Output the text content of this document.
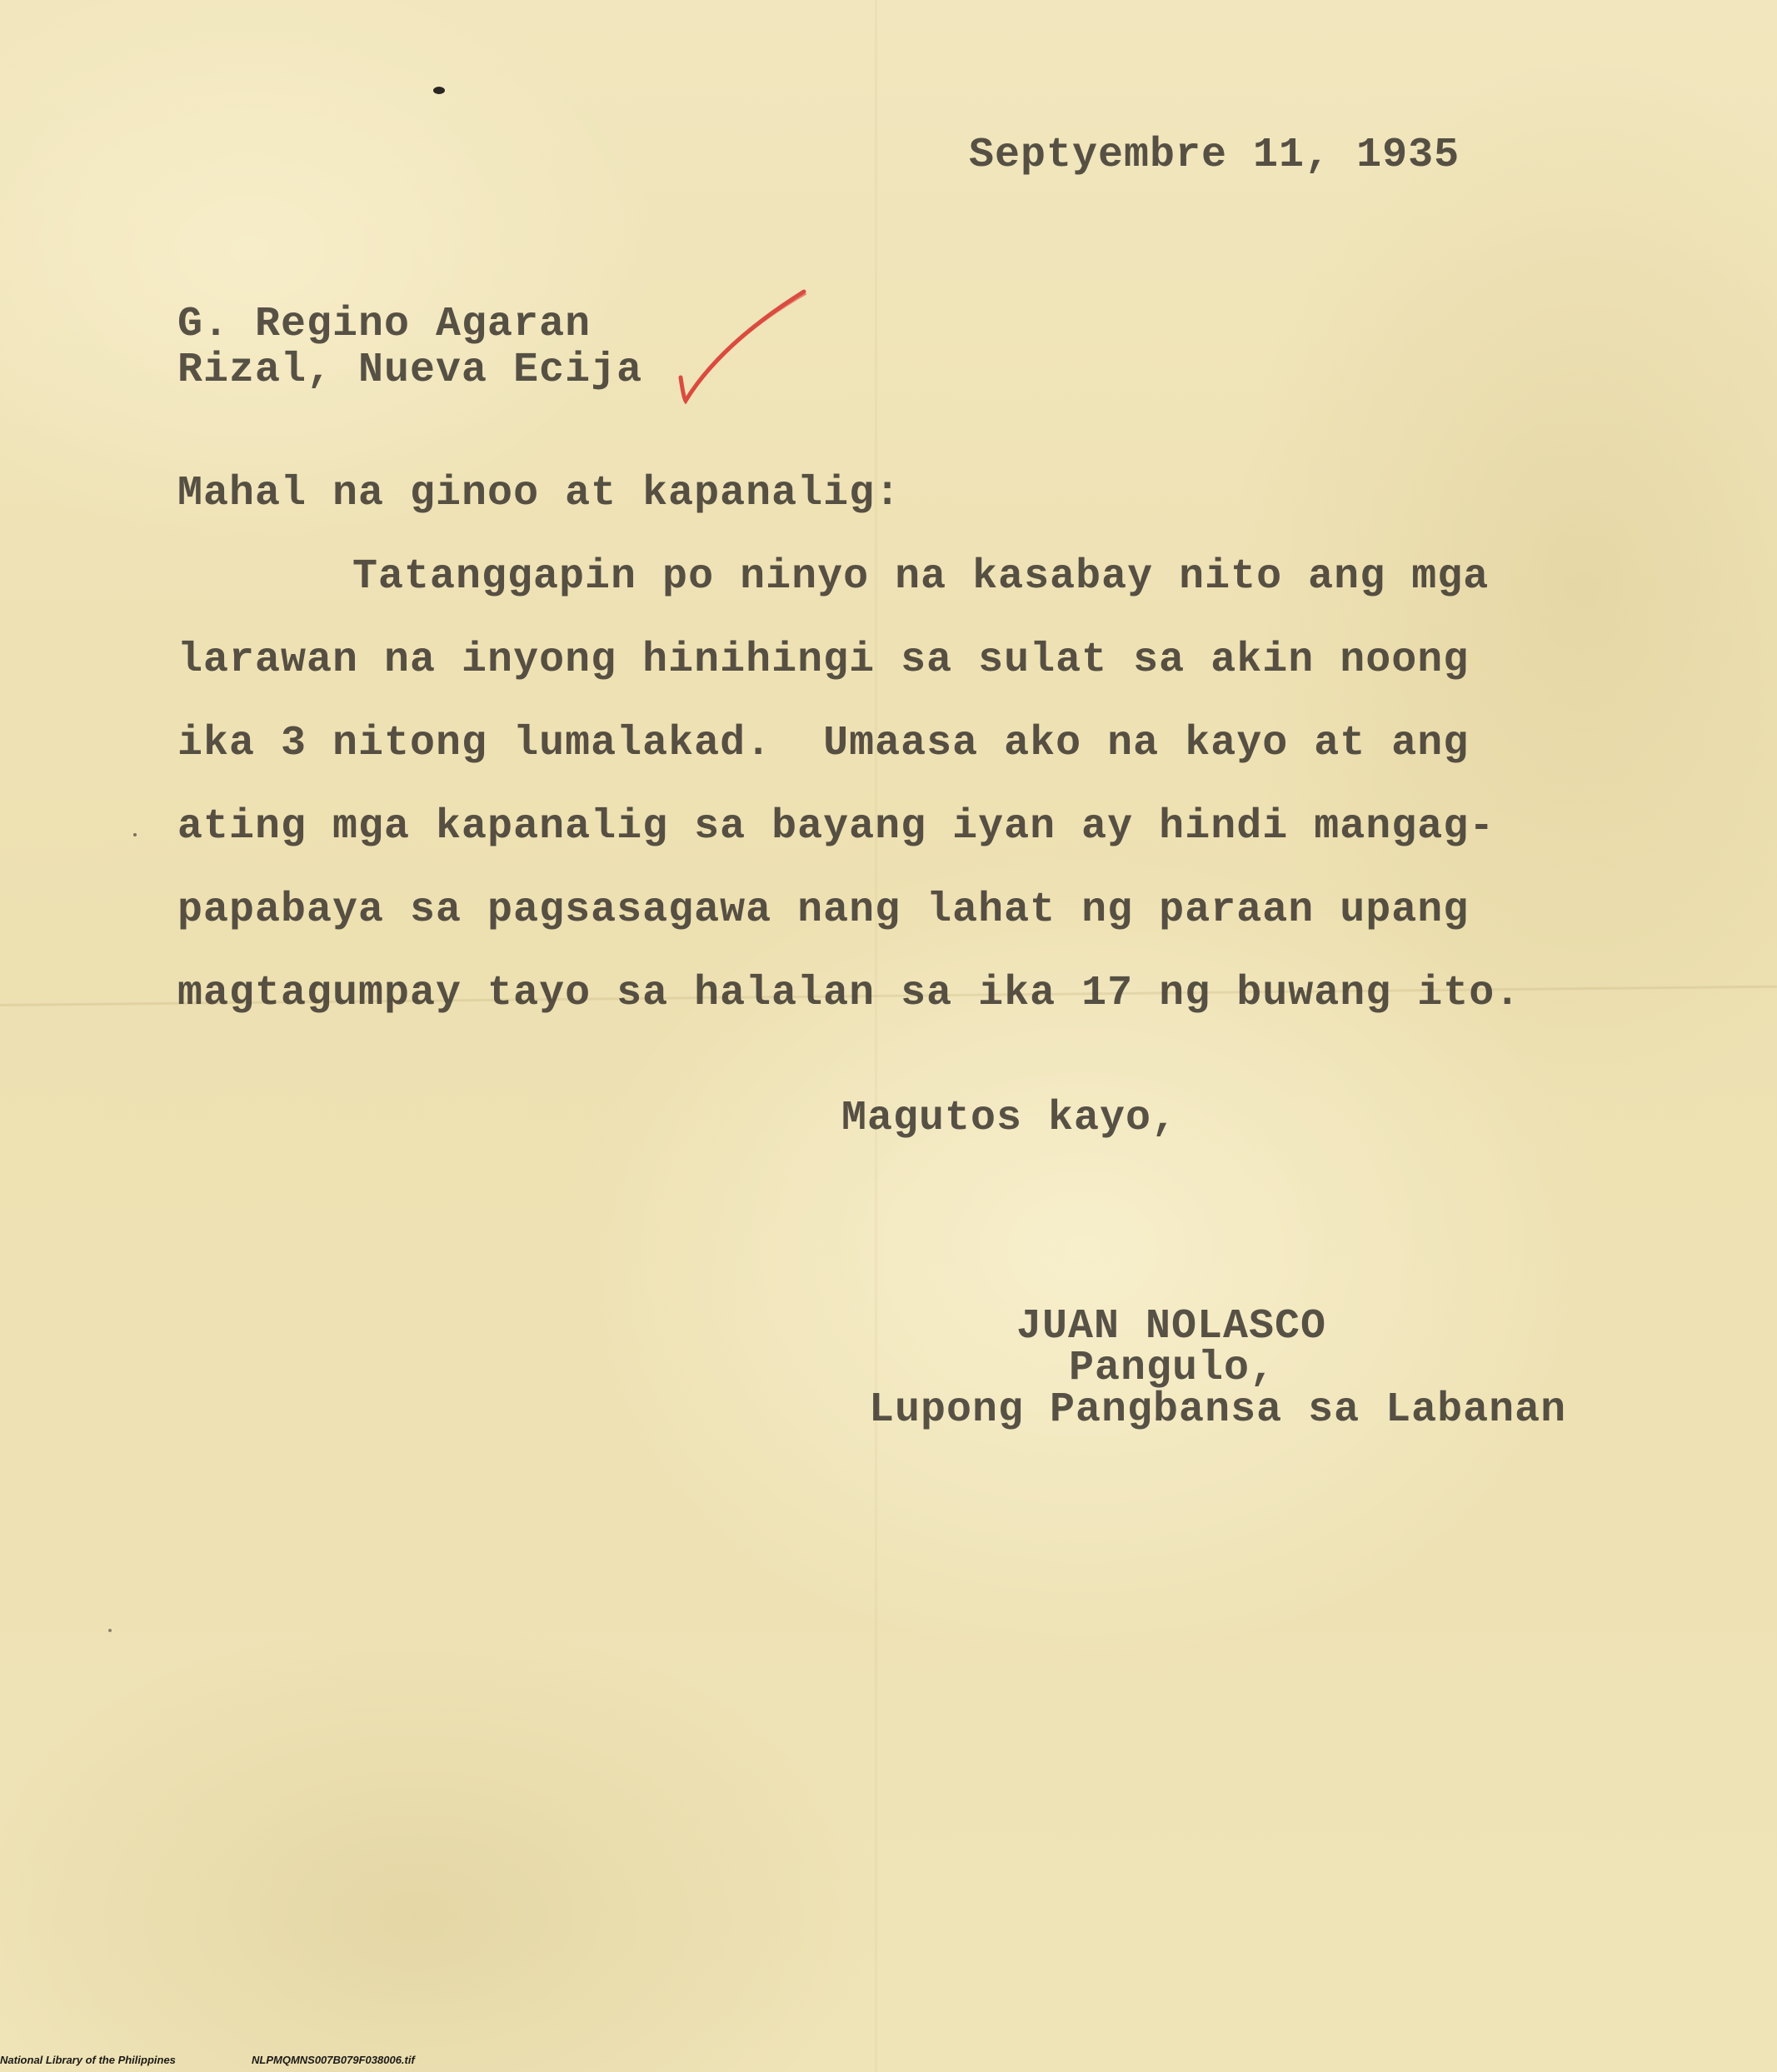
Septyembre 11, 1935
G. Regino Agaran
Rizal, Nueva Ecija
Mahal na ginoo at kapanalig:
Tatanggapin po ninyo na kasabay nito ang mga
larawan na inyong hinihingi sa sulat sa akin noong
ika 3 nitong lumalakad.  Umaasa ako na kayo at ang
ating mga kapanalig sa bayang iyan ay hindi mangag-
papabaya sa pagsasagawa nang lahat ng paraan upang
magtagumpay tayo sa halalan sa ika 17 ng buwang ito.
Magutos kayo,
JUAN NOLASCO
Pangulo,
Lupong Pangbansa sa Labanan
National Library of the Philippines	NLPMQMNS007B079F038006.tif
